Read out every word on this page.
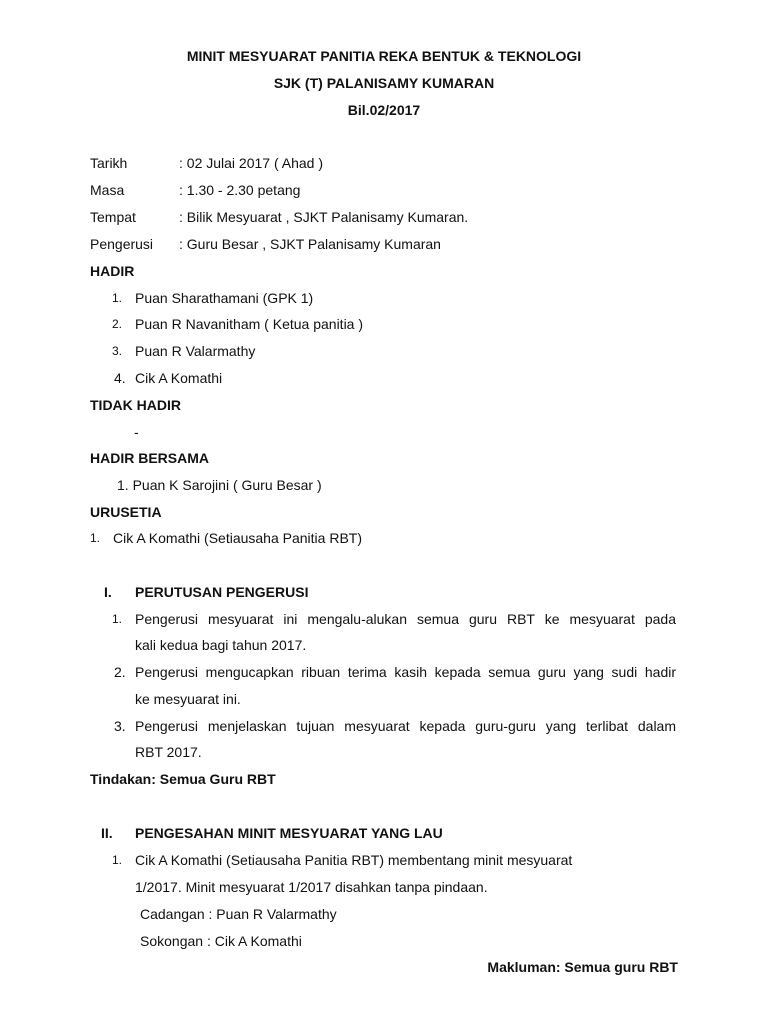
MINIT MESYUARAT PANITIA REKA BENTUK & TEKNOLOGI
SJK (T) PALANISAMY KUMARAN
Bil.02/2017
Tarikh	: 02 Julai 2017 ( Ahad )
Masa	: 1.30 - 2.30 petang
Tempat	: Bilik Mesyuarat , SJKT Palanisamy Kumaran.
Pengerusi : Guru Besar , SJKT Palanisamy Kumaran
HADIR
1. Puan Sharathamani (GPK 1)
2. Puan R Navanitham ( Ketua panitia )
3. Puan R Valarmathy
4. Cik A Komathi
TIDAK HADIR
-
HADIR BERSAMA
1. Puan K Sarojini ( Guru Besar )
URUSETIA
1. Cik A Komathi (Setiausaha Panitia RBT)
I. PERUTUSAN PENGERUSI
1. Pengerusi mesyuarat ini mengalu-alukan semua guru RBT ke mesyuarat pada
kali kedua bagi tahun 2017.
2. Pengerusi mengucapkan ribuan terima kasih kepada semua guru yang sudi hadir
ke mesyuarat ini.
3. Pengerusi menjelaskan tujuan mesyuarat kepada guru-guru yang terlibat dalam
RBT 2017.
Tindakan: Semua Guru RBT
II. PENGESAHAN MINIT MESYUARAT YANG LAU
1. Cik A Komathi (Setiausaha Panitia RBT) membentang minit mesyuarat
1/2017. Minit mesyuarat 1/2017 disahkan tanpa pindaan.
Cadangan : Puan R Valarmathy
Sokongan : Cik A Komathi
Makluman: Semua guru RBT
